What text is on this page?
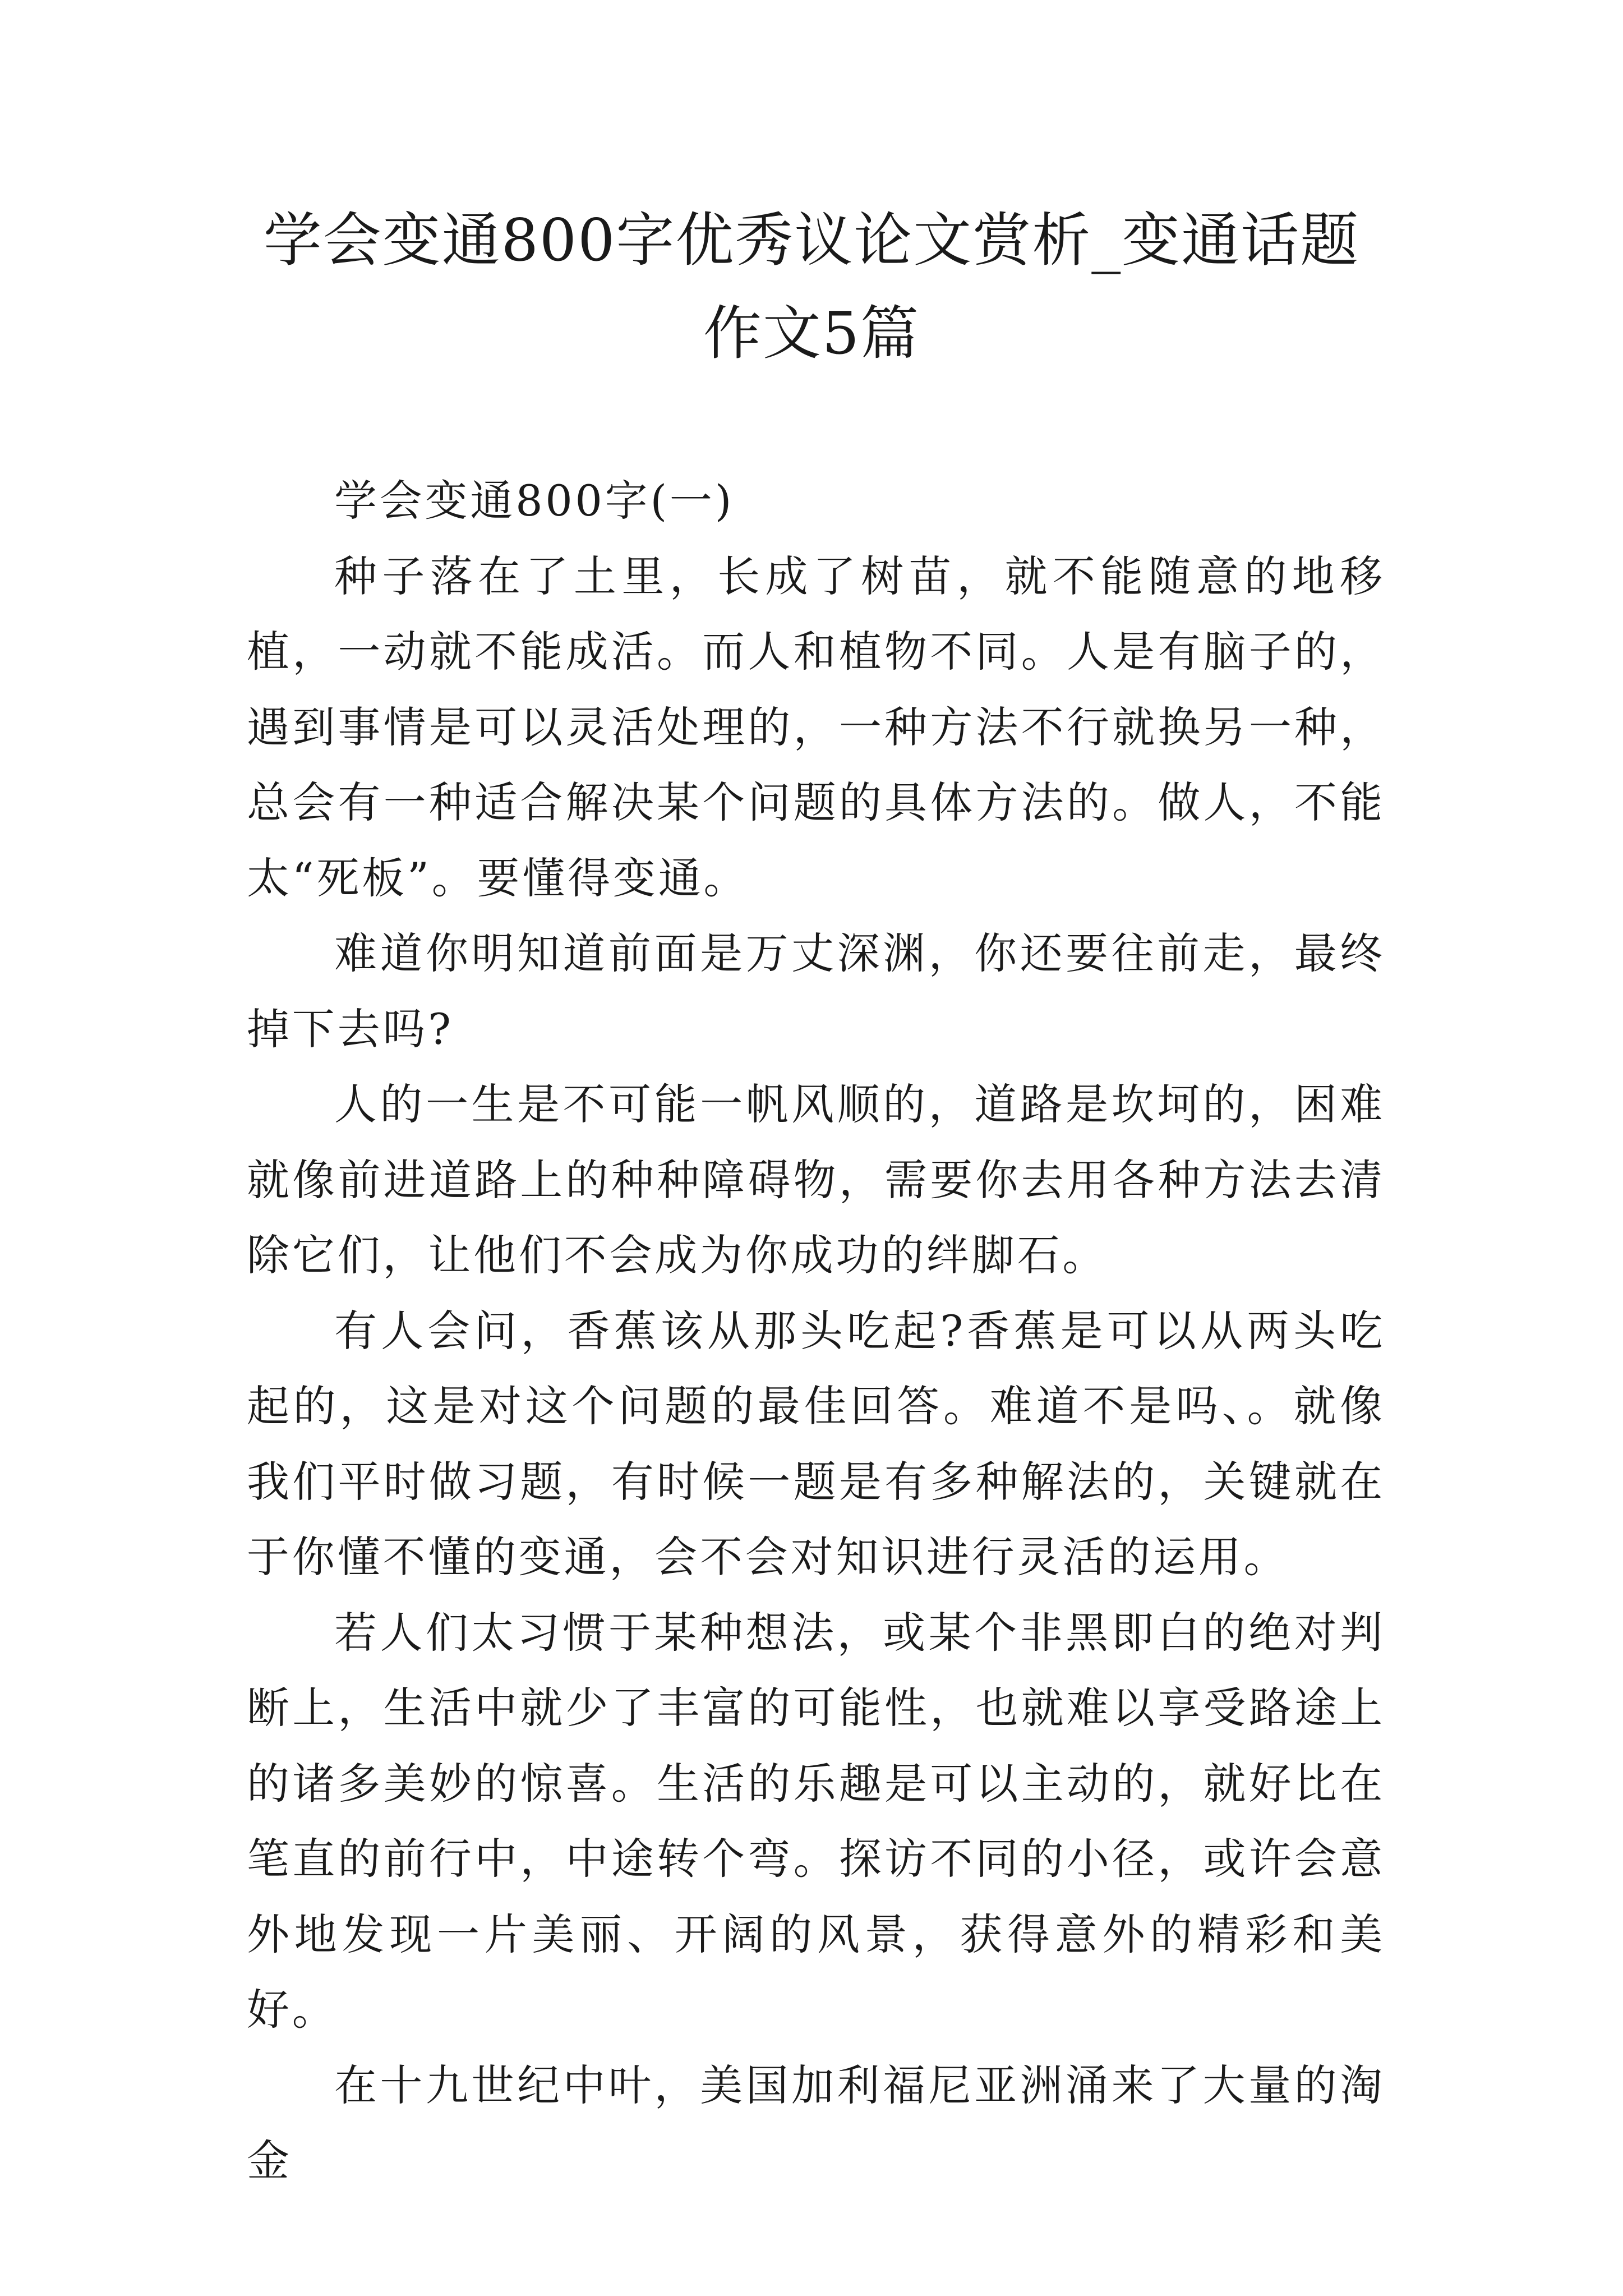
学会变通800字优秀议论文赏析_变通话题
作文5篇

学会变通800字(一)

种子落在了土里，长成了树苗，就不能随意的地移植，一动就不能成活。而人和植物不同。人是有脑子的，遇到事情是可以灵活处理的，一种方法不行就换另一种，总会有一种适合解决某个问题的具体方法的。做人，不能太“死板”。要懂得变通。

难道你明知道前面是万丈深渊，你还要往前走，最终掉下去吗?

人的一生是不可能一帆风顺的，道路是坎坷的，困难就像前进道路上的种种障碍物，需要你去用各种方法去清除它们，让他们不会成为你成功的绊脚石。

有人会问，香蕉该从那头吃起?香蕉是可以从两头吃起的，这是对这个问题的最佳回答。难道不是吗、。就像我们平时做习题，有时候一题是有多种解法的，关键就在于你懂不懂的变通，会不会对知识进行灵活的运用。

若人们太习惯于某种想法，或某个非黑即白的绝对判断上，生活中就少了丰富的可能性，也就难以享受路途上的诸多美妙的惊喜。生活的乐趣是可以主动的，就好比在笔直的前行中，中途转个弯。探访不同的小径，或许会意外地发现一片美丽、开阔的风景，获得意外的精彩和美好。

在十九世纪中叶，美国加利福尼亚洲涌来了大量的淘金
